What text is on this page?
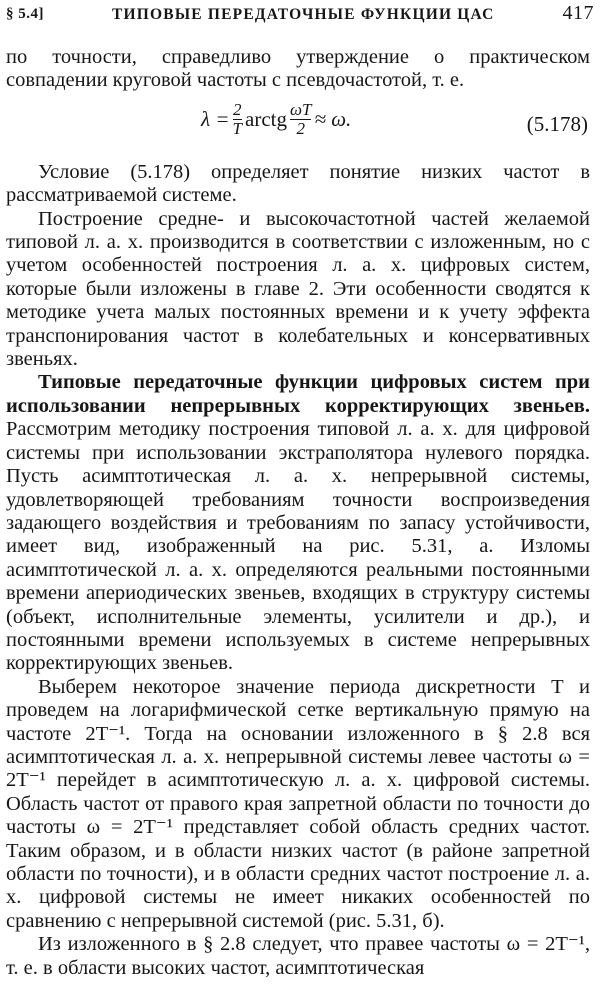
§ 5.4]	ТИПОВЫЕ ПЕРЕДАТОЧНЫЕ ФУНКЦИИ ЦАС	417

по точности, справедливо утверждение о практическом совпадении круговой частоты с псевдочастотой, т. е.

$\lambda = \frac{2}{T}$ arctg $\frac{\omega T}{2} \approx \omega$.	(5.178)

Условие (5.178) определяет понятие низких частот в рассматриваемой системе.

Построение средне- и высокочастотной частей желаемой типовой л. а. х. производится в соответствии с изложенным, но с учетом особенностей построения л. а. х. цифровых систем, которые были изложены в главе 2. Эти особенности сводятся к методике учета малых постоянных времени и к учету эффекта транспонирования частот в колебательных и консервативных звеньях.

Типовые передаточные функции цифровых систем при использовании непрерывных корректирующих звеньев. Рассмотрим методику построения типовой л. а. х. для цифровой системы при использовании экстраполятора нулевого порядка. Пусть асимптотическая л. а. х. непрерывной системы, удовлетворяющей требованиям точности воспроизведения задающего воздействия и требованиям по запасу устойчивости, имеет вид, изображенный на рис. 5.31, а. Изломы асимптотической л. а. х. определяются реальными постоянными времени апериодических звеньев, входящих в структуру системы (объект, исполнительные элементы, усилители и др.), и постоянными времени используемых в системе непрерывных корректирующих звеньев.

Выберем некоторое значение периода дискретности T и проведем на логарифмической сетке вертикальную прямую на частоте 2T⁻¹. Тогда на основании изложенного в § 2.8 вся асимптотическая л. а. х. непрерывной системы левее частоты ω = 2T⁻¹ перейдет в асимптотическую л. а. х. цифровой системы. Область частот от правого края запретной области по точности до частоты ω = 2T⁻¹ представляет собой область средних частот. Таким образом, и в области низких частот (в районе запретной области по точности), и в области средних частот построение л. а. х. цифровой системы не имеет никаких особенностей по сравнению с непрерывной системой (рис. 5.31, б).

Из изложенного в § 2.8 следует, что правее частоты ω = 2T⁻¹, т. е. в области высоких частот, асимптотическая
